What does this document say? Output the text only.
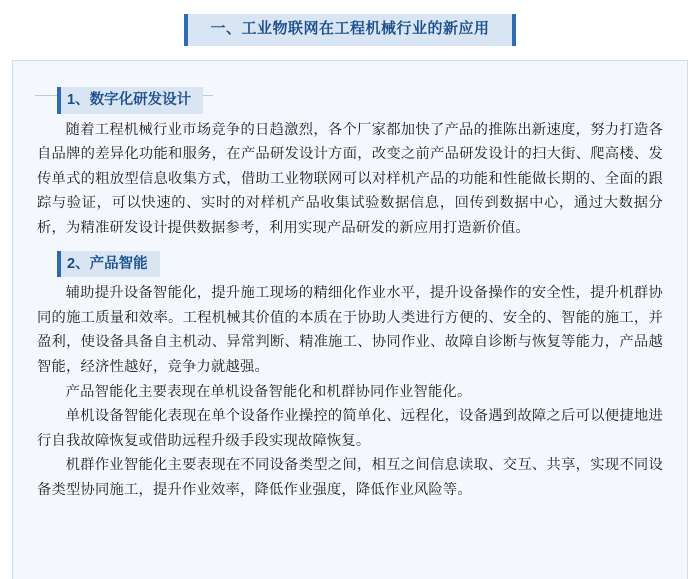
一、工业物联网在工程机械行业的新应用
1、数字化研发设计

随着工程机械行业市场竞争的日趋激烈，各个厂家都加快了产品的推陈出新速度，努力打造各自品牌的差异化功能和服务，在产品研发设计方面，改变之前产品研发设计的扫大街、爬高楼、发传单式的粗放型信息收集方式，借助工业物联网可以对样机产品的功能和性能做长期的、全面的跟踪与验证，可以快速的、实时的对样机产品收集试验数据信息，回传到数据中心，通过大数据分析，为精准研发设计提供数据参考，利用实现产品研发的新应用打造新价值。

2、产品智能

辅助提升设备智能化，提升施工现场的精细化作业水平，提升设备操作的安全性，提升机群协同的施工质量和效率。工程机械其价值的本质在于协助人类进行方便的、安全的、智能的施工，并盈利，使设备具备自主机动、异常判断、精准施工、协同作业、故障自诊断与恢复等能力，产品越智能，经济性越好，竞争力就越强。

产品智能化主要表现在单机设备智能化和机群协同作业智能化。

单机设备智能化表现在单个设备作业操控的简单化、远程化，设备遇到故障之后可以便捷地进行自我故障恢复或借助远程升级手段实现故障恢复。

机群作业智能化主要表现在不同设备类型之间，相互之间信息读取、交互、共享，实现不同设备类型协同施工，提升作业效率，降低作业强度，降低作业风险等。
